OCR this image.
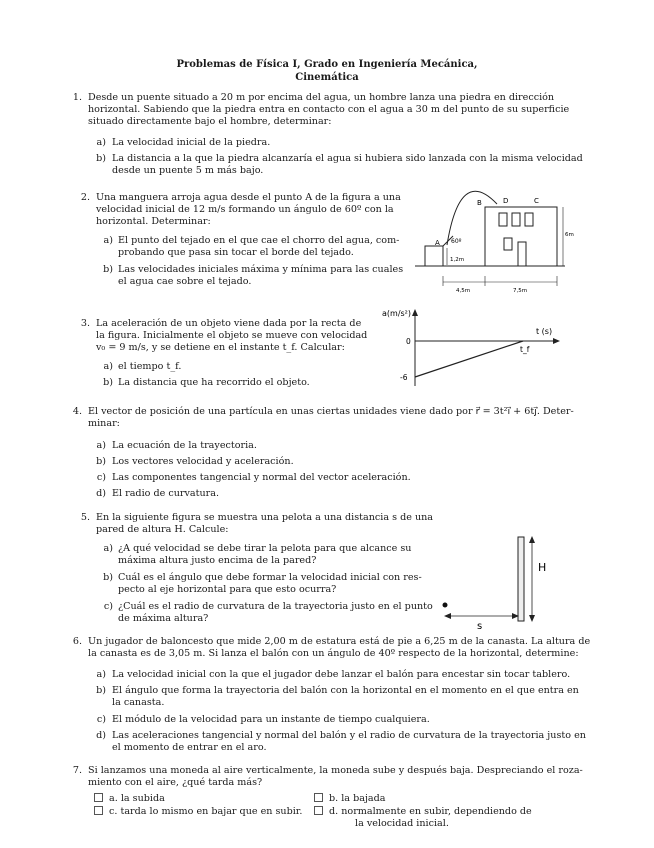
Problemas de Física I, Grado en Ingeniería Mecánica,
Cinemática
1. Desde un puente situado a 20 m por encima del agua, un hombre lanza una piedra en dirección
horizontal. Sabiendo que la piedra entra en contacto con el agua a 30 m del punto de su superficie
situado directamente bajo el hombre, determinar:
a) La velocidad inicial de la piedra.
b) La distancia a la que la piedra alcanzaría el agua si hubiera sido lanzada con la misma velocidad
desde un puente 5 m más bajo.
2. Una manguera arroja agua desde el punto A de la figura a una
velocidad inicial de 12 m/s formando un ángulo de 60º con la
horizontal. Determinar:
a) El punto del tejado en el que cae el chorro del agua, com-
probando que pasa sin tocar el borde del tejado.
b) Las velocidades iniciales máxima y mínima para las cuales
el agua cae sobre el tejado.
A
B	D	C
60º
1,2m
6m
4,5m	7,5m
3. La aceleración de un objeto viene dada por la recta de
la figura. Inicialmente el objeto se mueve con velocidad
v₀ = 9 m/s, y se detiene en el instante t_f. Calcular:
a) el tiempo t_f.
b) La distancia que ha recorrido el objeto.
a(m/s²)
t (s)
0
-6
t_f
4. El vector de posición de una partícula en unas ciertas unidades viene dado por r⃗ = 3t²i⃗ + 6tj⃗. Deter-
minar:
a) La ecuación de la trayectoria.
b) Los vectores velocidad y aceleración.
c) Las componentes tangencial y normal del vector aceleración.
d) El radio de curvatura.
5. En la siguiente figura se muestra una pelota a una distancia s de una
pared de altura H. Calcule:
a) ¿A qué velocidad se debe tirar la pelota para que alcance su
máxima altura justo encima de la pared?
b) Cuál es el ángulo que debe formar la velocidad inicial con res-
pecto al eje horizontal para que esto ocurra?
c) ¿Cuál es el radio de curvatura de la trayectoria justo en el punto
de máxima altura?
H
s
6. Un jugador de baloncesto que mide 2,00 m de estatura está de pie a 6,25 m de la canasta. La altura de
la canasta es de 3,05 m. Si lanza el balón con un ángulo de 40º respecto de la horizontal, determine:
a) La velocidad inicial con la que el jugador debe lanzar el balón para encestar sin tocar tablero.
b) El ángulo que forma la trayectoria del balón con la horizontal en el momento en el que entra en
la canasta.
c) El módulo de la velocidad para un instante de tiempo cualquiera.
d) Las aceleraciones tangencial y normal del balón y el radio de curvatura de la trayectoria justo en
el momento de entrar en el aro.
7. Si lanzamos una moneda al aire verticalmente, la moneda sube y después baja. Despreciando el roza-
miento con el aire, ¿qué tarda más?
a. la subida	b. la bajada
c. tarda lo mismo en bajar que en subir.	d. normalmente en subir, dependiendo de
la velocidad inicial.
